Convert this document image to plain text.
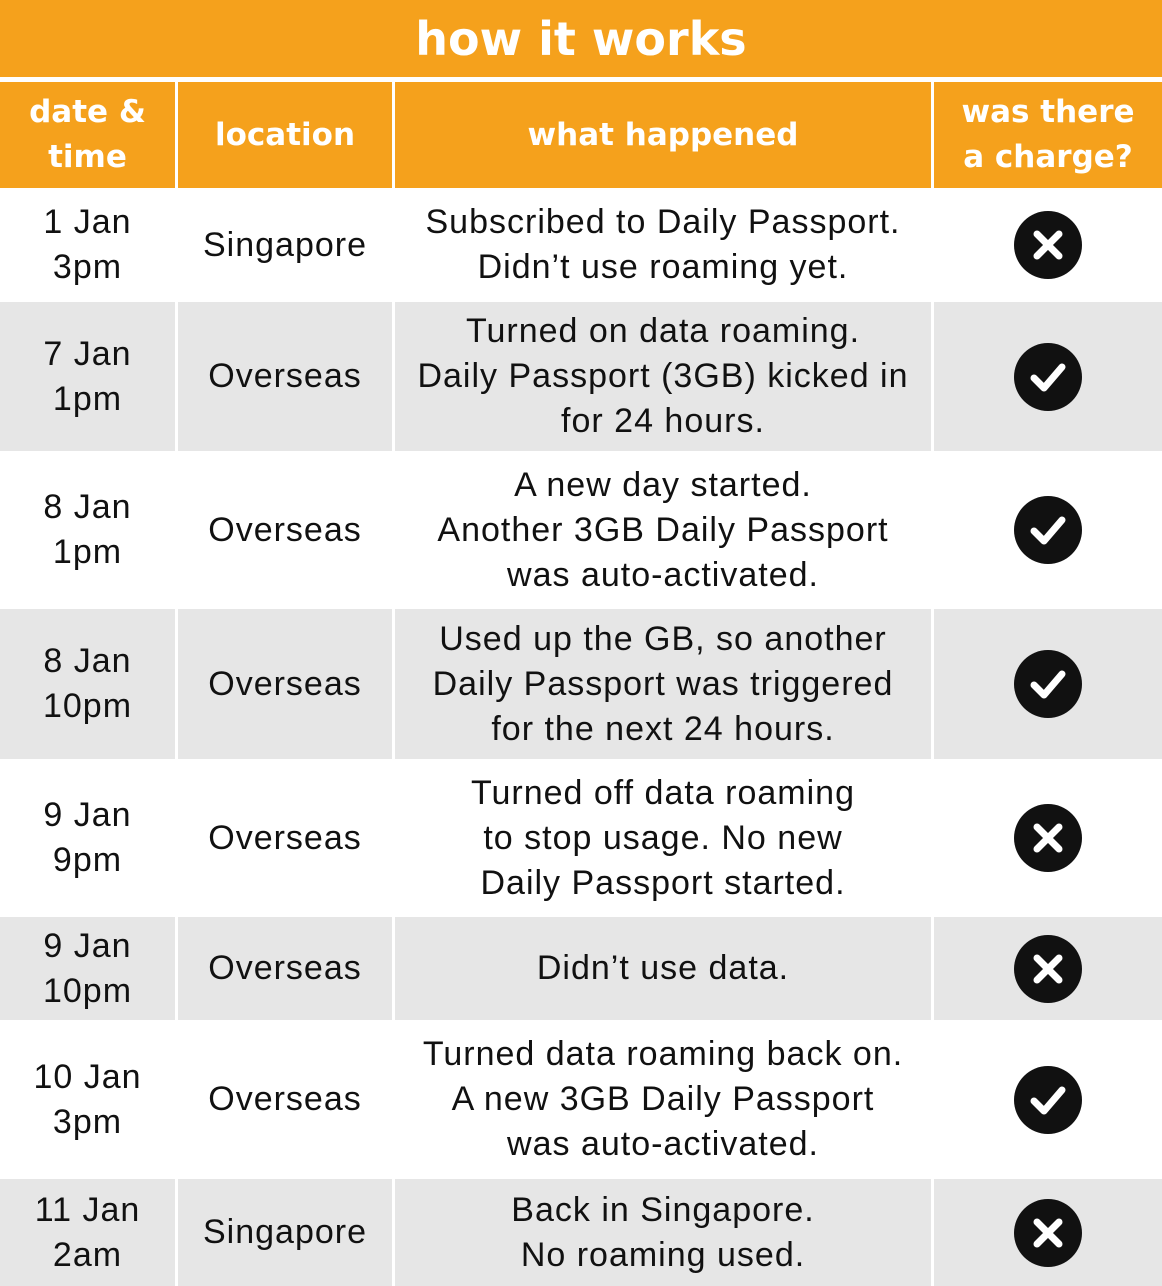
how it works
date &
time	location	what happened	was there
a charge?

1 Jan
3pm	Singapore	Subscribed to Daily Passport.
Didn’t use roaming yet.

7 Jan
1pm	Overseas	Turned on data roaming.
Daily Passport (3GB) kicked in
for 24 hours.

8 Jan
1pm	Overseas	A new day started.
Another 3GB Daily Passport
was auto-activated.

8 Jan
10pm	Overseas	Used up the GB, so another
Daily Passport was triggered
for the next 24 hours.

9 Jan
9pm	Overseas	Turned off data roaming
to stop usage. No new
Daily Passport started.

9 Jan
10pm	Overseas	Didn’t use data.

10 Jan
3pm	Overseas	Turned data roaming back on.
A new 3GB Daily Passport
was auto-activated.

11 Jan
2am	Singapore	Back in Singapore.
No roaming used.
